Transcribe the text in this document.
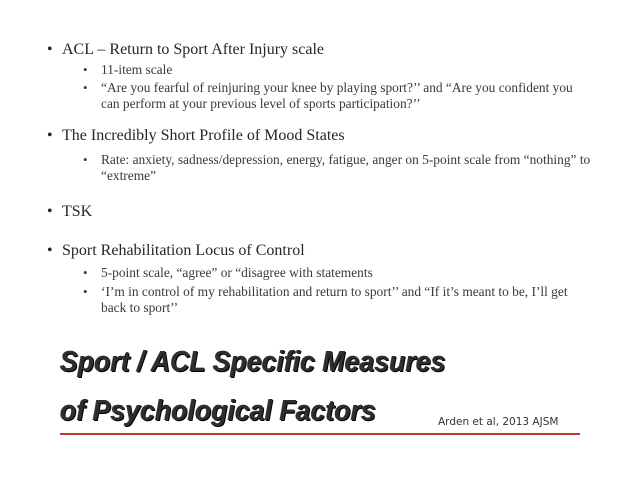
• ACL – Return to Sport After Injury scale
• 11-item scale
• “Are you fearful of reinjuring your knee by playing sport?’’ and “Are you confident you can perform at your previous level of sports participation?’’
• The Incredibly Short Profile of Mood States
• Rate: anxiety, sadness/depression, energy, fatigue, anger on 5-point scale from “nothing” to “extreme”
• TSK
• Sport Rehabilitation Locus of Control
• 5-point scale, “agree” or “disagree with statements
• ‘I’m in control of my rehabilitation and return to sport’’ and “If it’s meant to be, I’ll get back to sport’’
Sport / ACL Specific Measures
of Psychological Factors	Arden et al, 2013 AJSM
